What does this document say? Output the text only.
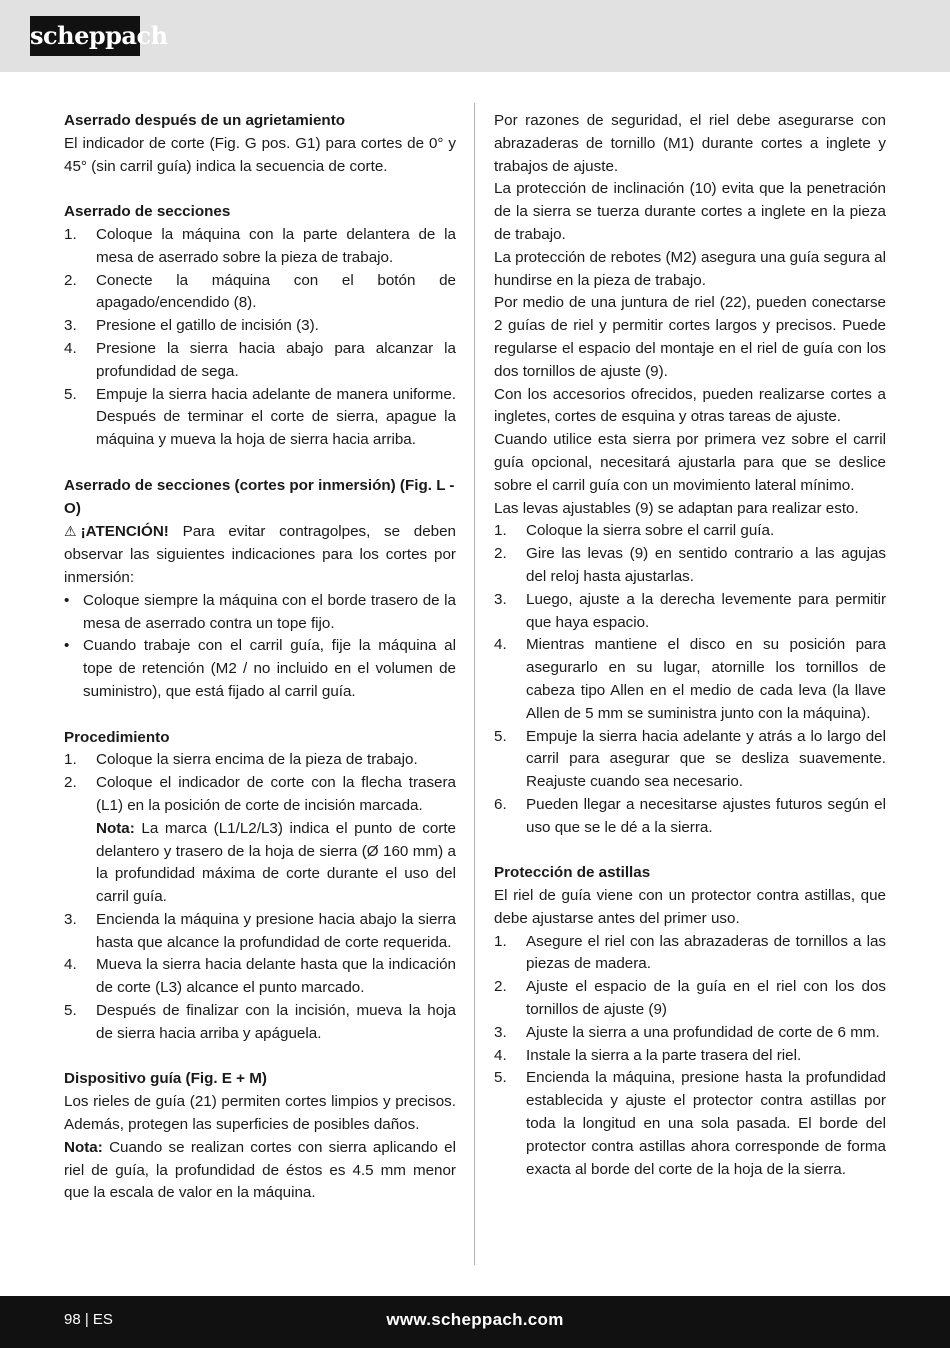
scheppach

Aserrado después de un agrietamiento

El indicador de corte (Fig. G pos. G1) para cortes de 0° y 45° (sin carril guía) indica la secuencia de corte.

Aserrado de secciones

1. Coloque la máquina con la parte delantera de la mesa de aserrado sobre la pieza de trabajo.
2. Conecte la máquina con el botón de apagado/encendido (8).
3. Presione el gatillo de incisión (3).
4. Presione la sierra hacia abajo para alcanzar la profundidad de sega.
5. Empuje la sierra hacia adelante de manera uniforme. Después de terminar el corte de sierra, apague la máquina y mueva la hoja de sierra hacia arriba.

Aserrado de secciones (cortes por inmersión) (Fig. L - O)

⚠ ¡ATENCIÓN! Para evitar contragolpes, se deben observar las siguientes indicaciones para los cortes por inmersión:

• Coloque siempre la máquina con el borde trasero de la mesa de aserrado contra un tope fijo.
• Cuando trabaje con el carril guía, fije la máquina al tope de retención (M2 / no incluido en el volumen de suministro), que está fijado al carril guía.

Procedimiento

1. Coloque la sierra encima de la pieza de trabajo.
2. Coloque el indicador de corte con la flecha trasera (L1) en la posición de corte de incisión marcada.
Nota: La marca (L1/L2/L3) indica el punto de corte delantero y trasero de la hoja de sierra (Ø 160 mm) a la profundidad máxima de corte durante el uso del carril guía.
3. Encienda la máquina y presione hacia abajo la sierra hasta que alcance la profundidad de corte requerida.
4. Mueva la sierra hacia delante hasta que la indicación de corte (L3) alcance el punto marcado.
5. Después de finalizar con la incisión, mueva la hoja de sierra hacia arriba y apáguela.

Dispositivo guía (Fig. E + M)

Los rieles de guía (21) permiten cortes limpios y precisos. Además, protegen las superficies de posibles daños.

Nota: Cuando se realizan cortes con sierra aplicando el riel de guía, la profundidad de éstos es 4.5 mm menor que la escala de valor en la máquina.

Por razones de seguridad, el riel debe asegurarse con abrazaderas de tornillo (M1) durante cortes a inglete y trabajos de ajuste.

La protección de inclinación (10) evita que la penetración de la sierra se tuerza durante cortes a inglete en la pieza de trabajo.

La protección de rebotes (M2) asegura una guía segura al hundirse en la pieza de trabajo.

Por medio de una juntura de riel (22), pueden conectarse 2 guías de riel y permitir cortes largos y precisos. Puede regularse el espacio del montaje en el riel de guía con los dos tornillos de ajuste (9).

Con los accesorios ofrecidos, pueden realizarse cortes a ingletes, cortes de esquina y otras tareas de ajuste.

Cuando utilice esta sierra por primera vez sobre el carril guía opcional, necesitará ajustarla para que se deslice sobre el carril guía con un movimiento lateral mínimo.

Las levas ajustables (9) se adaptan para realizar esto.

1. Coloque la sierra sobre el carril guía.
2. Gire las levas (9) en sentido contrario a las agujas del reloj hasta ajustarlas.
3. Luego, ajuste a la derecha levemente para permitir que haya espacio.
4. Mientras mantiene el disco en su posición para asegurarlo en su lugar, atornille los tornillos de cabeza tipo Allen en el medio de cada leva (la llave Allen de 5 mm se suministra junto con la máquina).
5. Empuje la sierra hacia adelante y atrás a lo largo del carril para asegurar que se desliza suavemente. Reajuste cuando sea necesario.
6. Pueden llegar a necesitarse ajustes futuros según el uso que se le dé a la sierra.

Protección de astillas

El riel de guía viene con un protector contra astillas, que debe ajustarse antes del primer uso.

1. Asegure el riel con las abrazaderas de tornillos a las piezas de madera.
2. Ajuste el espacio de la guía en el riel con los dos tornillos de ajuste (9)
3. Ajuste la sierra a una profundidad de corte de 6 mm.
4. Instale la sierra a la parte trasera del riel.
5. Encienda la máquina, presione hasta la profundidad establecida y ajuste el protector contra astillas por toda la longitud en una sola pasada. El borde del protector contra astillas ahora corresponde de forma exacta al borde del corte de la hoja de la sierra.
98 | ES	www.scheppach.com
